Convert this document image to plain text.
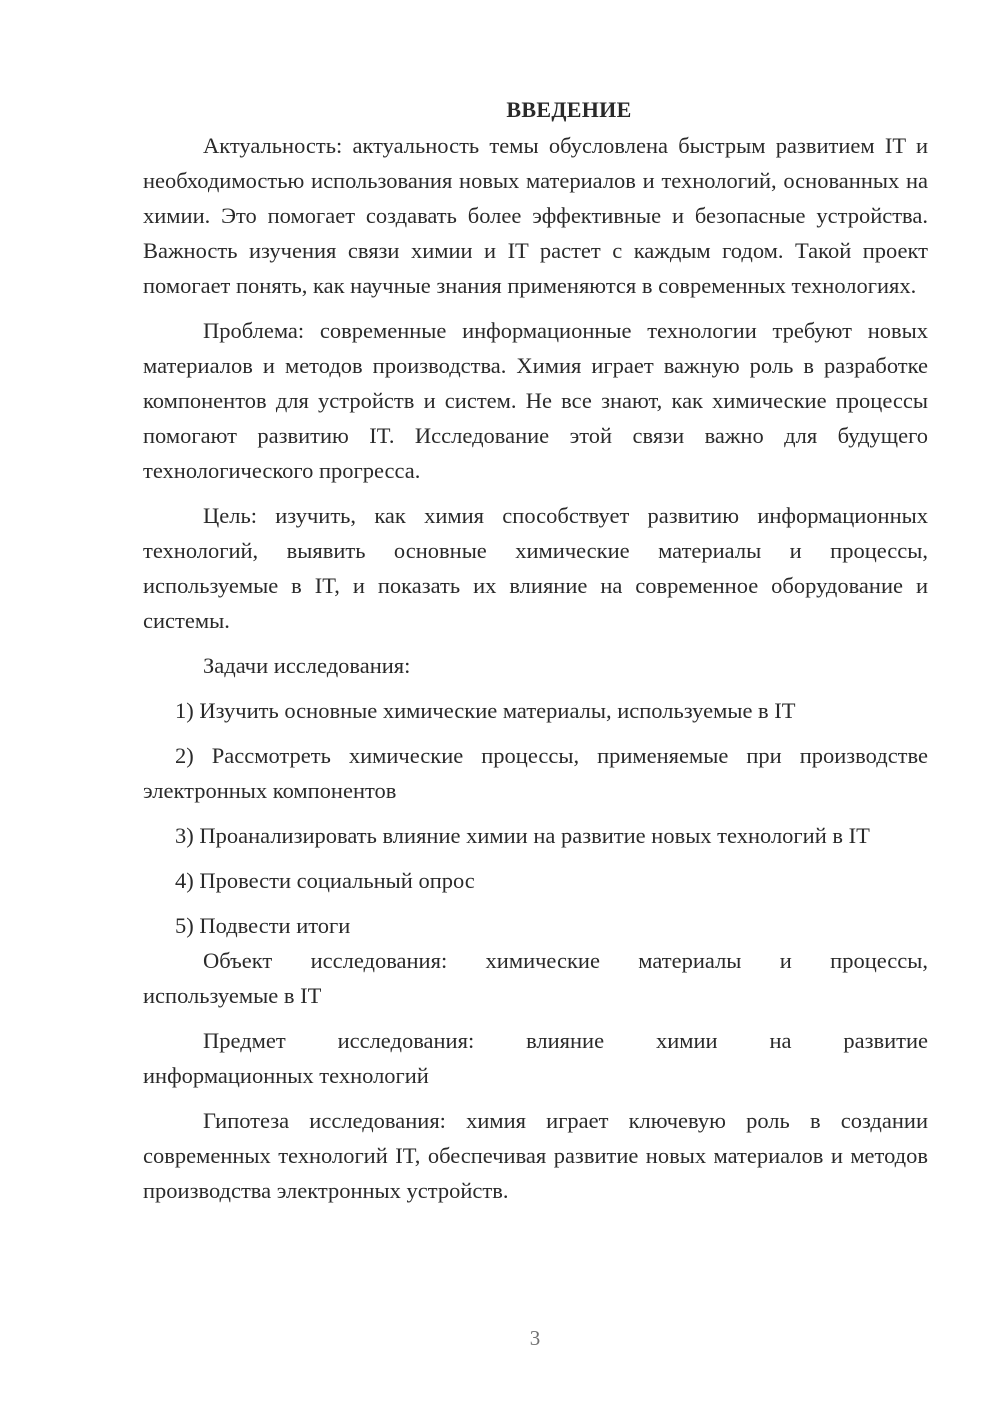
ВВЕДЕНИЕ

Актуальность: актуальность темы обусловлена быстрым развитием IT и необходимостью использования новых материалов и технологий, основанных на химии. Это помогает создавать более эффективные и безопасные устройства. Важность изучения связи химии и IT растет с каждым годом. Такой проект помогает понять, как научные знания применяются в современных технологиях.

Проблема: современные информационные технологии требуют новых материалов и методов производства. Химия играет важную роль в разработке компонентов для устройств и систем. Не все знают, как химические процессы помогают развитию IT. Исследование этой связи важно для будущего технологического прогресса.

Цель: изучить, как химия способствует развитию информационных технологий, выявить основные химические материалы и процессы, используемые в IT, и показать их влияние на современное оборудование и системы.

Задачи исследования:

1) Изучить основные химические материалы, используемые в IT

2) Рассмотреть химические процессы, применяемые при производстве электронных компонентов

3) Проанализировать влияние химии на развитие новых технологий в IT

4) Провести социальный опрос

5) Подвести итоги

Объект исследования: химические материалы и процессы,

используемые в IT

Предмет исследования: влияние химии на развитие

информационных технологий

Гипотеза исследования: химия играет ключевую роль в создании современных технологий IT, обеспечивая развитие новых материалов и методов производства электронных устройств.

3
